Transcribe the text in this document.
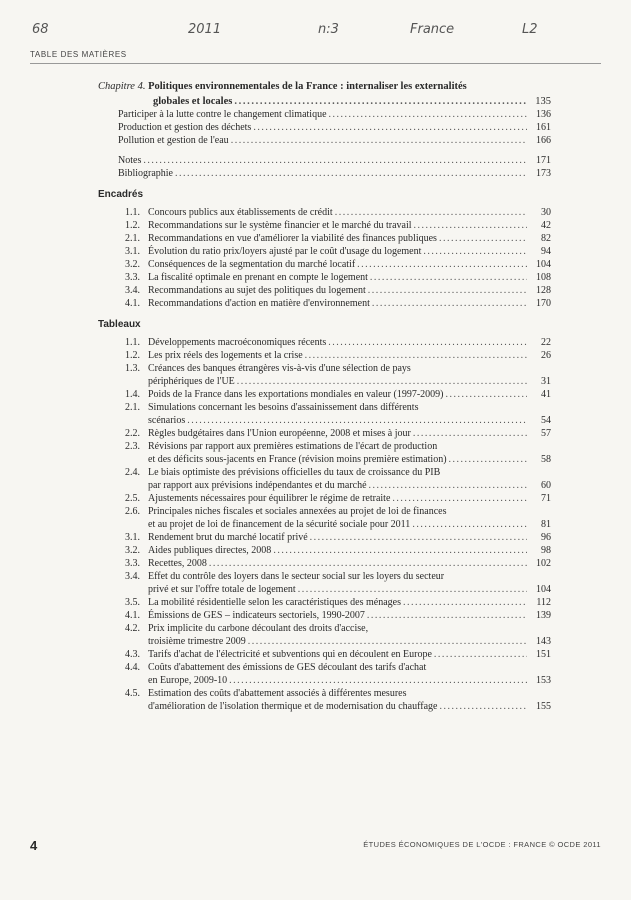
68	2011	n:3	France	L2
TABLE DES MATIÈRES
Chapitre 4. Politiques environnementales de la France : internaliser les externalités
globales et locales . . .	135
Participer à la lutte contre le changement climatique . . .	136
Production et gestion des déchets . . .	161
Pollution et gestion de l'eau . . .	166
Notes . . .	171
Bibliographie . . .	173
Encadrés
1.1. Concours publics aux établissements de crédit . . .	30
1.2. Recommandations sur le système financier et le marché du travail . . .	42
2.1. Recommandations en vue d'améliorer la viabilité des finances publiques . . .	82
3.1. Évolution du ratio prix/loyers ajusté par le coût d'usage du logement . . .	94
3.2. Conséquences de la segmentation du marché locatif . . .	104
3.3. La fiscalité optimale en prenant en compte le logement . . .	108
3.4. Recommandations au sujet des politiques du logement . . .	128
4.1. Recommandations d'action en matière d'environnement . . .	170
Tableaux
1.1. Développements macroéconomiques récents . . .	22
1.2. Les prix réels des logements et la crise . . .	26
1.3. Créances des banques étrangères vis-à-vis d'une sélection de pays
périphériques de l'UE . . .	31
1.4. Poids de la France dans les exportations mondiales en valeur (1997-2009) . . .	41
2.1. Simulations concernant les besoins d'assainissement dans différents
scénarios . . .	54
2.2. Règles budgétaires dans l'Union européenne, 2008 et mises à jour . . .	57
2.3. Révisions par rapport aux premières estimations de l'écart de production
et des déficits sous-jacents en France (révision moins première estimation) . . .	58
2.4. Le biais optimiste des prévisions officielles du taux de croissance du PIB
par rapport aux prévisions indépendantes et du marché . . .	60
2.5. Ajustements nécessaires pour équilibrer le régime de retraite . . .	71
2.6. Principales niches fiscales et sociales annexées au projet de loi de finances
et au projet de loi de financement de la sécurité sociale pour 2011 . . .	81
3.1. Rendement brut du marché locatif privé . . .	96
3.2. Aides publiques directes, 2008 . . .	98
3.3. Recettes, 2008 . . .	102
3.4. Effet du contrôle des loyers dans le secteur social sur les loyers du secteur
privé et sur l'offre totale de logement . . .	104
3.5. La mobilité résidentielle selon les caractéristiques des ménages . . .	112
4.1. Émissions de GES – indicateurs sectoriels, 1990-2007 . . .	139
4.2. Prix implicite du carbone découlant des droits d'accise,
troisième trimestre 2009 . . .	143
4.3. Tarifs d'achat de l'électricité et subventions qui en découlent en Europe . . .	151
4.4. Coûts d'abattement des émissions de GES découlant des tarifs d'achat
en Europe, 2009-10 . . .	153
4.5. Estimation des coûts d'abattement associés à différentes mesures
d'amélioration de l'isolation thermique et de modernisation du chauffage . . .	155
4	ÉTUDES ÉCONOMIQUES DE L'OCDE : FRANCE © OCDE 2011
